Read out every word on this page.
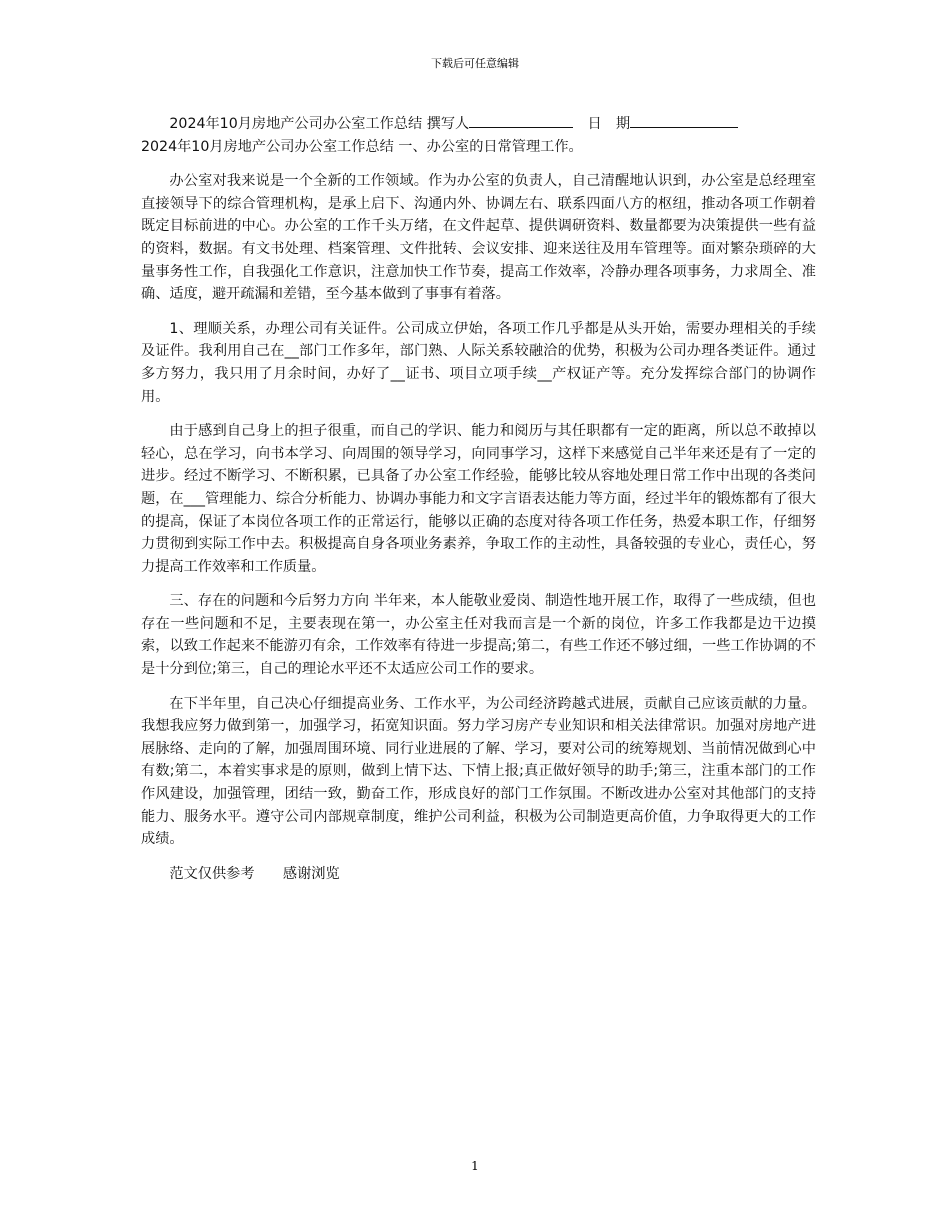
下载后可任意编辑

2024年10月房地产公司办公室工作总结 撰写人　	日　期

2024年10月房地产公司办公室工作总结 一、办公室的日常管理工作。

办公室对我来说是一个全新的工作领域。作为办公室的负责人，自己清醒地认识到，办公室是总经理室直接领导下的综合管理机构，是承上启下、沟通内外、协调左右、联系四面八方的枢纽，推动各项工作朝着既定目标前进的中心。办公室的工作千头万绪，在文件起草、提供调研资料、数量都要为决策提供一些有益的资料，数据。有文书处理、档案管理、文件批转、会议安排、迎来送往及用车管理等。面对繁杂琐碎的大量事务性工作，自我强化工作意识，注意加快工作节奏，提高工作效率，冷静办理各项事务，力求周全、准确、适度，避开疏漏和差错，至今基本做到了事事有着落。

1、理顺关系，办理公司有关证件。公司成立伊始，各项工作几乎都是从头开始，需要办理相关的手续及证件。我利用自己在__部门工作多年，部门熟、人际关系较融洽的优势，积极为公司办理各类证件。通过多方努力，我只用了月余时间，办好了__证书、项目立项手续__产权证产等。充分发挥综合部门的协调作用。

由于感到自己身上的担子很重，而自己的学识、能力和阅历与其任职都有一定的距离，所以总不敢掉以轻心，总在学习，向书本学习、向周围的领导学习，向同事学习，这样下来感觉自己半年来还是有了一定的进步。经过不断学习、不断积累，已具备了办公室工作经验，能够比较从容地处理日常工作中出现的各类问题，在___管理能力、综合分析能力、协调办事能力和文字言语表达能力等方面，经过半年的锻炼都有了很大的提高，保证了本岗位各项工作的正常运行，能够以正确的态度对待各项工作任务，热爱本职工作，仔细努力贯彻到实际工作中去。积极提高自身各项业务素养，争取工作的主动性，具备较强的专业心，责任心，努力提高工作效率和工作质量。

三、存在的问题和今后努力方向 半年来，本人能敬业爱岗、制造性地开展工作，取得了一些成绩，但也存在一些问题和不足，主要表现在第一，办公室主任对我而言是一个新的岗位，许多工作我都是边干边摸索，以致工作起来不能游刃有余，工作效率有待进一步提高;第二，有些工作还不够过细，一些工作协调的不是十分到位;第三，自己的理论水平还不太适应公司工作的要求。

在下半年里，自己决心仔细提高业务、工作水平，为公司经济跨越式进展，贡献自己应该贡献的力量。我想我应努力做到第一，加强学习，拓宽知识面。努力学习房产专业知识和相关法律常识。加强对房地产进展脉络、走向的了解，加强周围环境、同行业进展的了解、学习，要对公司的统筹规划、当前情况做到心中有数;第二，本着实事求是的原则，做到上情下达、下情上报;真正做好领导的助手;第三，注重本部门的工作作风建设，加强管理，团结一致，勤奋工作，形成良好的部门工作氛围。不断改进办公室对其他部门的支持能力、服务水平。遵守公司内部规章制度，维护公司利益，积极为公司制造更高价值，力争取得更大的工作成绩。

范文仅供参考　　感谢浏览

1
